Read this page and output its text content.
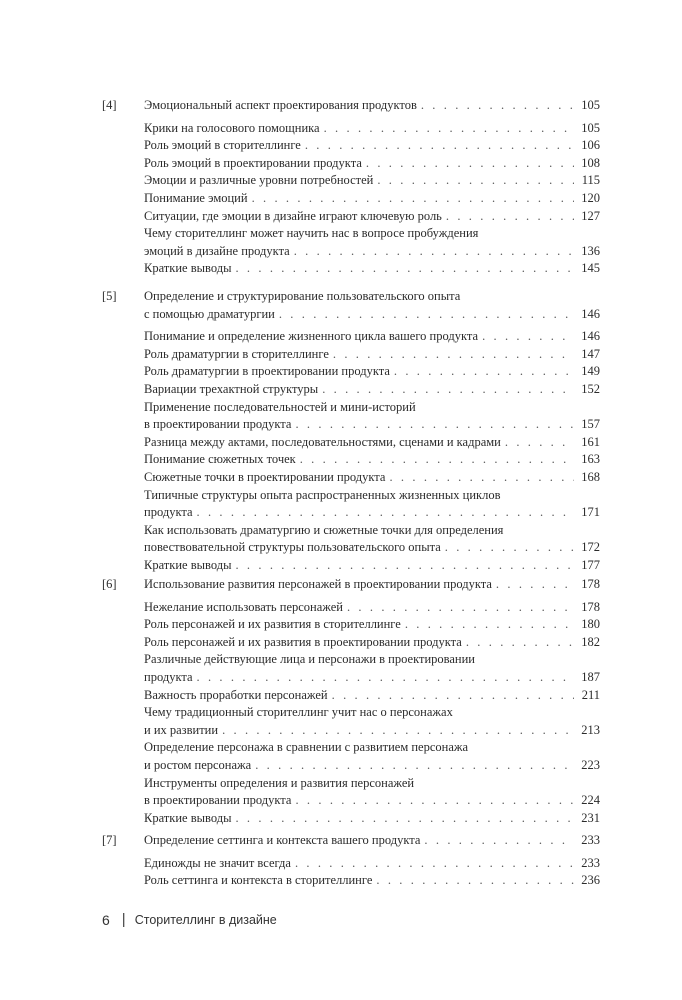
[4] Эмоциональный аспект проектирования продуктов . . .	105
Крики на голосового помощника . . .	105
Роль эмоций в сторителлинге . . .	106
Роль эмоций в проектировании продукта . . .	108
Эмоции и различные уровни потребностей . . .	115
Понимание эмоций . . .	120
Ситуации, где эмоции в дизайне играют ключевую роль . . .	127
Чему сторителлинг может научить нас в вопросе пробуждения
эмоций в дизайне продукта . . .	136
Краткие выводы . . .	145
[5] Определение и структурирование пользовательского опыта
с помощью драматургии . . .	146
Понимание и определение жизненного цикла вашего продукта . . .	146
Роль драматургии в сторителлинге . . .	147
Роль драматургии в проектировании продукта . . .	149
Вариации трехактной структуры . . .	152
Применение последовательностей и мини-историй
в проектировании продукта . . .	157
Разница между актами, последовательностями, сценами и кадрами . . .	161
Понимание сюжетных точек . . .	163
Сюжетные точки в проектировании продукта . . .	168
Типичные структуры опыта распространенных жизненных циклов
продукта . . .	171
Как использовать драматургию и сюжетные точки для определения
повествовательной структуры пользовательского опыта . . .	172
Краткие выводы . . .	177
[6] Использование развития персонажей в проектировании продукта . . .	178
Нежелание использовать персонажей . . .	178
Роль персонажей и их развития в сторителлинге . . .	180
Роль персонажей и их развития в проектировании продукта . . .	182
Различные действующие лица и персонажи в проектировании
продукта . . .	187
Важность проработки персонажей . . .	211
Чему традиционный сторителлинг учит нас о персонажах
и их развитии . . .	213
Определение персонажа в сравнении с развитием персонажа
и ростом персонажа . . .	223
Инструменты определения и развития персонажей
в проектировании продукта . . .	224
Краткие выводы . . .	231
[7] Определение сеттинга и контекста вашего продукта . . .	233
Единожды не значит всегда . . .	233
Роль сеттинга и контекста в сторителлинге . . .	236
6 | Сторителлинг в дизайне
